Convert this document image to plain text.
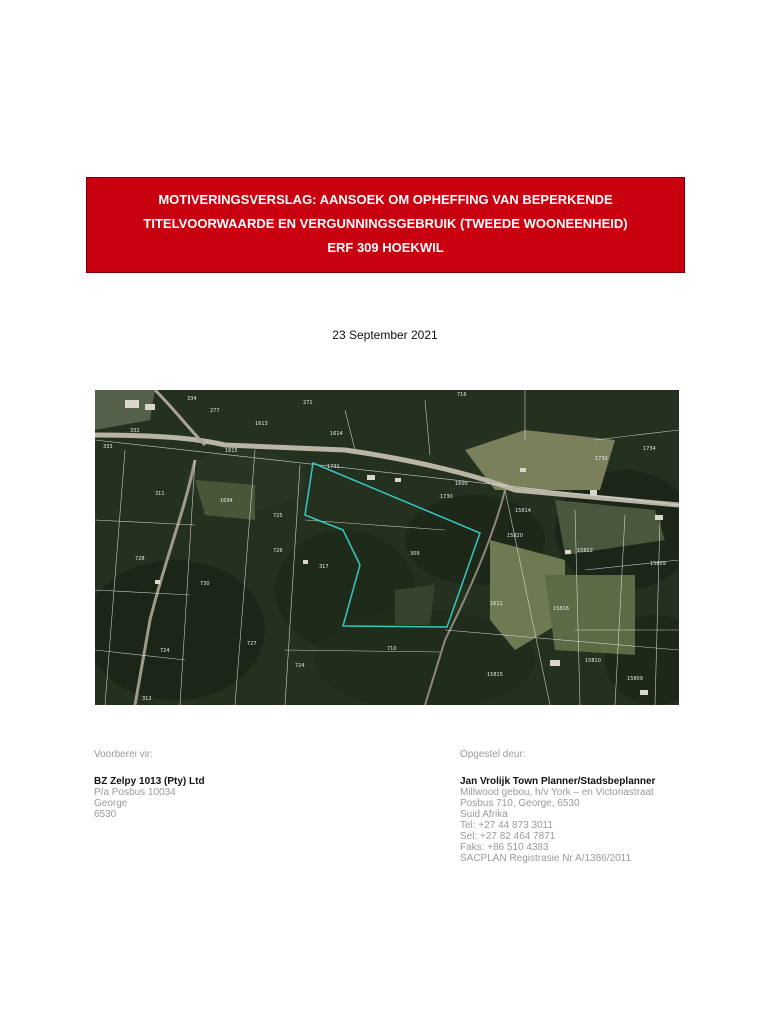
MOTIVERINGSVERSLAG: AANSOEK OM OPHEFFING VAN BEPERKENDE
TITELVOORWAARDE EN VERGUNNINGSGEBRUIK (TWEEDE WOONEENHEID)
ERF 309 HOEKWIL
23 September 2021
1613
1614
1615
311
1694
725
1730
309
1600
317
726
728
730
724
727
724
710
312
1611
15820
15822
15816
15815
15814
15810
15809
15809
1730
334
271
716
277
332
333
1731
1734
Voorberei vir:
BZ Zelpy 1013 (Pty) Ltd
P/a Posbus 10034
George
6530
Opgestel deur:
Jan Vrolijk Town Planner/Stadsbeplanner
Millwood gebou, h/v York – en Victoriastraat
Posbus 710, George, 6530
Suid Afrika
Tel: +27 44 873 3011
Sel: +27 82 464 7871
Faks: +86 510 4383
SACPLAN Registrasie Nr A/1386/2011
